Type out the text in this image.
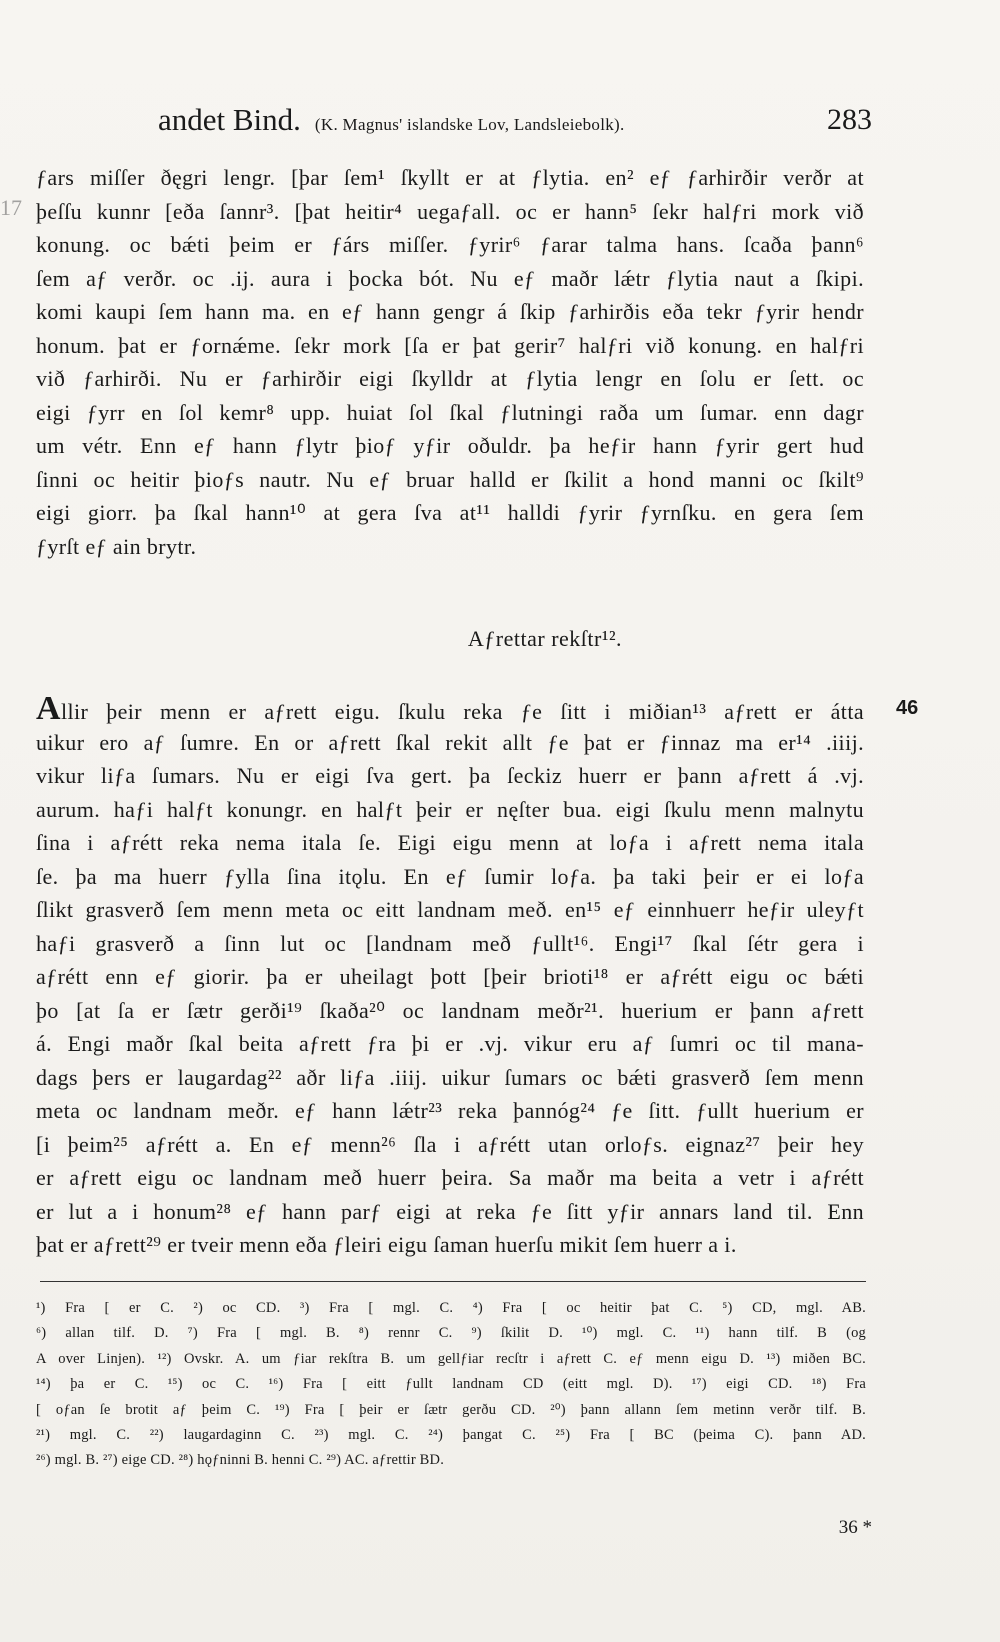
17
andet Bind. (K. Magnus' islandske Lov, Landsleiebolk).	283
ƒars miſſer ðęgri lengr. [þar ſem¹ ſkyllt er at ƒlytia. en² eƒ ƒarhirðir verðr at
þeſſu kunnr [eða ſannr³. [þat heitir⁴ uegaƒall. oc er hann⁵ ſekr halƒri mork við
konung. oc bǽti þeim er ƒárs miſſer. ƒyrir⁶ ƒarar talma hans. ſcaða þann⁶
ſem aƒ verðr. oc .ij. aura i þocka bót. Nu eƒ maðr lǽtr ƒlytia naut a ſkipi.
komi kaupi ſem hann ma. en eƒ hann gengr á ſkip ƒarhirðis eða tekr ƒyrir hendr
honum. þat er ƒornǽme. ſekr mork [ſa er þat gerir⁷ halƒri við konung. en halƒri
við ƒarhirði. Nu er ƒarhirðir eigi ſkylldr at ƒlytia lengr en ſolu er ſett. oc
eigi ƒyrr en ſol kemr⁸ upp. huiat ſol ſkal ƒlutningi raða um ſumar. enn dagr
um vétr. Enn eƒ hann ƒlytr þioƒ yƒir oðuldr. þa heƒir hann ƒyrir gert hud
ſinni oc heitir þioƒs nautr. Nu eƒ bruar halld er ſkilit a hond manni oc ſkilt⁹
eigi giorr. þa ſkal hann¹⁰ at gera ſva at¹¹ halldi ƒyrir ƒyrnſku. en gera ſem
ƒyrſt eƒ ain brytr.
Aƒrettar rekſtr¹².
46
Allir þeir menn er aƒrett eigu. ſkulu reka ƒe ſitt i miðian¹³ aƒrett er átta
uikur ero aƒ ſumre. En or aƒrett ſkal rekit allt ƒe þat er ƒinnaz ma er¹⁴ .iiij.
vikur liƒa ſumars. Nu er eigi ſva gert. þa ſeckiz huerr er þann aƒrett á .vj.
aurum. haƒi halƒt konungr. en halƒt þeir er nęſter bua. eigi ſkulu menn malnytu
ſina i aƒrétt reka nema itala ſe. Eigi eigu menn at loƒa i aƒrett nema itala
ſe. þa ma huerr ƒylla ſina itǫlu. En eƒ ſumir loƒa. þa taki þeir er ei loƒa
ſlikt grasverð ſem menn meta oc eitt landnam með. en¹⁵ eƒ einnhuerr heƒir uleyƒt
haƒi grasverð a ſinn lut oc [landnam með ƒullt¹⁶. Engi¹⁷ ſkal ſétr gera i
aƒrétt enn eƒ giorir. þa er uheilagt þott [þeir brioti¹⁸ er aƒrétt eigu oc bǽti
þo [at ſa er ſætr gerði¹⁹ ſkaða²⁰ oc landnam meðr²¹. huerium er þann aƒrett
á. Engi maðr ſkal beita aƒrett ƒra þi er .vj. vikur eru aƒ ſumri oc til mana-
dags þers er laugardag²² aðr liƒa .iiij. uikur ſumars oc bǽti grasverð ſem menn
meta oc landnam meðr. eƒ hann lǽtr²³ reka þannóg²⁴ ƒe ſitt. ƒullt huerium er
[i þeim²⁵ aƒrétt a. En eƒ menn²⁶ ſla i aƒrétt utan orloƒs. eignaz²⁷ þeir hey
er aƒrett eigu oc landnam með huerr þeira. Sa maðr ma beita a vetr i aƒrétt
er lut a i honum²⁸ eƒ hann parƒ eigi at reka ƒe ſitt yƒir annars land til. Enn
þat er aƒrett²⁹ er tveir menn eða ƒleiri eigu ſaman huerſu mikit ſem huerr a i.
¹) Fra [ er C. ²) oc CD. ³) Fra [ mgl. C. ⁴) Fra [ oc heitir þat C. ⁵) CD, mgl. AB.
⁶) allan tilf. D. ⁷) Fra [ mgl. B. ⁸) rennr C. ⁹) ſkilit D. ¹⁰) mgl. C. ¹¹) hann tilf. B (og
A over Linjen). ¹²) Ovskr. A. um ƒiar rekſtra B. um gellƒiar recſtr i aƒrett C. eƒ menn eigu D. ¹³) miðen BC.
¹⁴) þa er C. ¹⁵) oc C. ¹⁶) Fra [ eitt ƒullt landnam CD (eitt mgl. D). ¹⁷) eigi CD. ¹⁸) Fra
[ oƒan ſe brotit aƒ þeim C. ¹⁹) Fra [ þeir er ſætr gerðu CD. ²⁰) þann allann ſem metinn verðr tilf. B.
²¹) mgl. C. ²²) laugardaginn C. ²³) mgl. C. ²⁴) þangat C. ²⁵) Fra [ BC (þeima C). þann AD.
²⁶) mgl. B. ²⁷) eige CD. ²⁸) hǫƒninni B. henni C. ²⁹) AC. aƒrettir BD.
36 *
